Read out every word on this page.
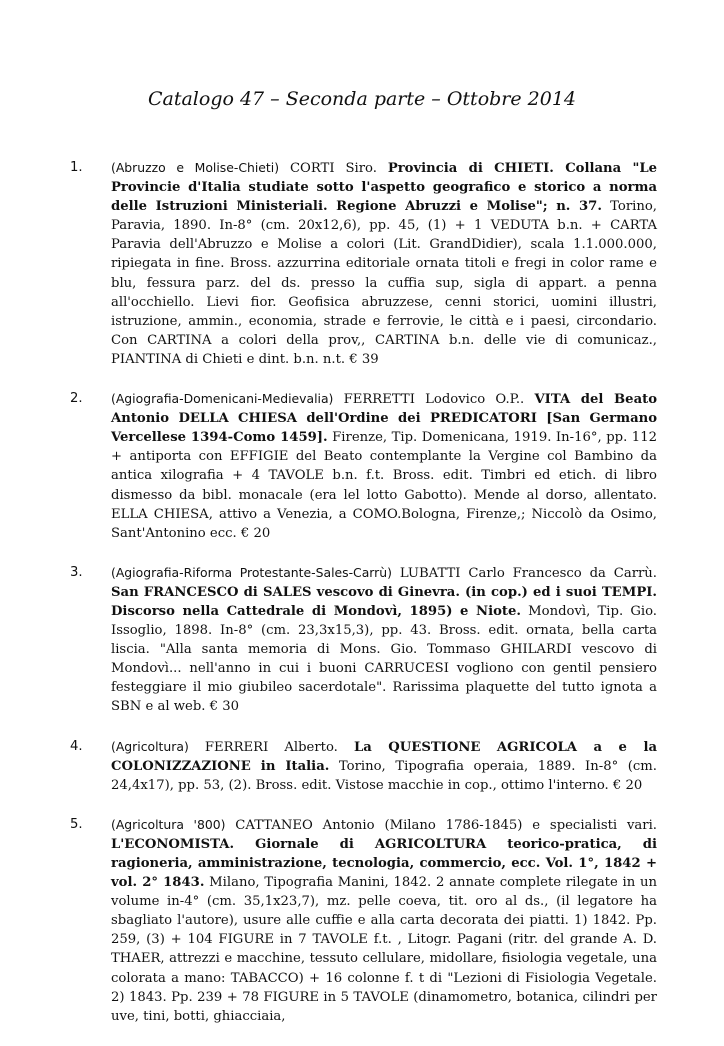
Catalogo 47 – Seconda parte – Ottobre 2014
1. (Abruzzo e Molise-Chieti) CORTI Siro. Provincia di CHIETI. Collana "Le Provincie d'Italia studiate sotto l'aspetto geografico e storico a norma delle Istruzioni Ministeriali. Regione Abruzzi e Molise"; n. 37. Torino, Paravia, 1890. In-8° (cm. 20x12,6), pp. 45, (1) + 1 VEDUTA b.n. + CARTA Paravia dell'Abruzzo e Molise a colori (Lit. GrandDidier), scala 1.1.000.000, ripiegata in fine. Bross. azzurrina editoriale ornata titoli e fregi in color rame e blu, fessura parz. del ds. presso la cuffia sup, sigla di appart. a penna all'occhiello. Lievi fior. Geofisica abruzzese, cenni storici, uomini illustri, istruzione, ammin., economia, strade e ferrovie, le città e i paesi, circondario. Con CARTINA a colori della prov,, CARTINA b.n. delle vie di comunicaz., PIANTINA di Chieti e dint. b.n. n.t. € 39
2. (Agiografia-Domenicani-Medievalia) FERRETTI Lodovico O.P.. VITA del Beato Antonio DELLA CHIESA dell'Ordine dei PREDICATORI [San Germano Vercellese 1394-Como 1459]. Firenze, Tip. Domenicana, 1919. In-16°, pp. 112 + antiporta con EFFIGIE del Beato contemplante la Vergine col Bambino da antica xilografia + 4 TAVOLE b.n. f.t. Bross. edit. Timbri ed etich. di libro dismesso da bibl. monacale (era lel lotto Gabotto). Mende al dorso, allentato. ELLA CHIESA, attivo a Venezia, a COMO.Bologna, Firenze,; Niccolò da Osimo, Sant'Antonino ecc. € 20
3. (Agiografia-Riforma Protestante-Sales-Carrù) LUBATTI Carlo Francesco da Carrù. San FRANCESCO di SALES vescovo di Ginevra. (in cop.) ed i suoi TEMPI. Discorso nella Cattedrale di Mondovì, 1895) e Niote. Mondovì, Tip. Gio. Issoglio, 1898. In-8° (cm. 23,3x15,3), pp. 43. Bross. edit. ornata, bella carta liscia. "Alla santa memoria di Mons. Gio. Tommaso GHILARDI vescovo di Mondovì... nell'anno in cui i buoni CARRUCESI vogliono con gentil pensiero festeggiare il mio giubileo sacerdotale". Rarissima plaquette del tutto ignota a SBN e al web. € 30
4. (Agricoltura) FERRERI Alberto. La QUESTIONE AGRICOLA a e la COLONIZZAZIONE in Italia. Torino, Tipografia operaia, 1889. In-8° (cm. 24,4x17), pp. 53, (2). Bross. edit. Vistose macchie in cop., ottimo l'interno. € 20
5. (Agricoltura '800) CATTANEO Antonio (Milano 1786-1845) e specialisti vari. L'ECONOMISTA. Giornale di AGRICOLTURA teorico-pratica, di ragioneria, amministrazione, tecnologia, commercio, ecc. Vol. 1°, 1842 + vol. 2° 1843. Milano, Tipografia Manini, 1842. 2 annate complete rilegate in un volume in-4° (cm. 35,1x23,7), mz. pelle coeva, tit. oro al ds., (il legatore ha sbagliato l'autore), usure alle cuffie e alla carta decorata dei piatti. 1) 1842. Pp. 259, (3) + 104 FIGURE in 7 TAVOLE f.t. , Litogr. Pagani (ritr. del grande A. D. THAER, attrezzi e macchine, tessuto cellulare, midollare, fisiologia vegetale, una colorata a mano: TABACCO) + 16 colonne f. t di "Lezioni di Fisiologia Vegetale. 2) 1843. Pp. 239 + 78 FIGURE in 5 TAVOLE (dinamometro, botanica, cilindri per uve, tini, botti, ghiacciaia,
